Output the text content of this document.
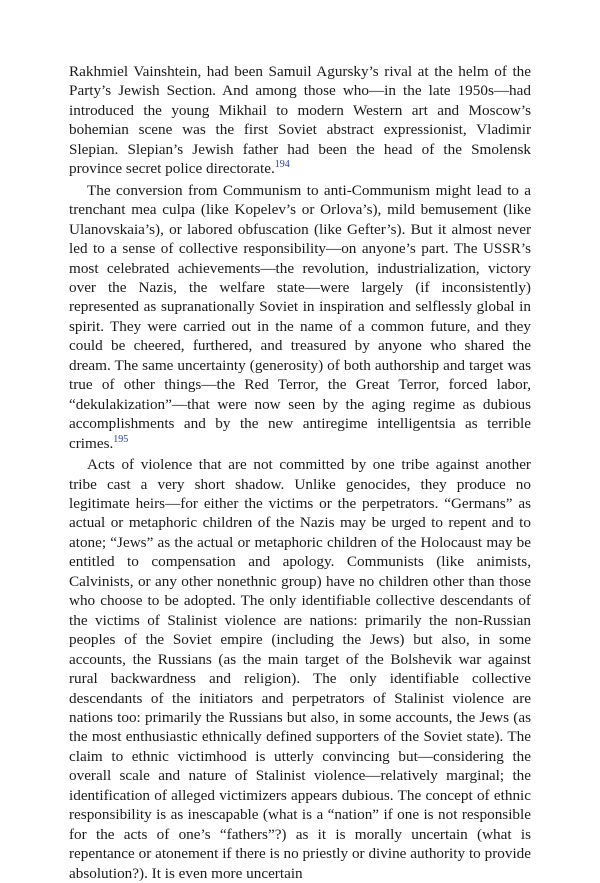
Rakhmiel Vainshtein, had been Samuil Agursky’s rival at the helm of the Party’s Jewish Section. And among those who—in the late 1950s—had introduced the young Mikhail to modern Western art and Moscow’s bohemian scene was the first Soviet abstract expressionist, Vladimir Slepian. Slepian’s Jewish father had been the head of the Smolensk province secret police directorate.$^{194}$

The conversion from Communism to anti-Communism might lead to a trenchant mea culpa (like Kopelev’s or Orlova’s), mild bemusement (like Ulanovskaia’s), or labored obfuscation (like Gefter’s). But it almost never led to a sense of collective responsibility—on anyone’s part. The USSR’s most celebrated achievements—the revolution, industrialization, victory over the Nazis, the welfare state—were largely (if inconsistently) represented as supranationally Soviet in inspiration and selflessly global in spirit. They were carried out in the name of a common future, and they could be cheered, furthered, and treasured by anyone who shared the dream. The same uncertainty (generosity) of both authorship and target was true of other things—the Red Terror, the Great Terror, forced labor, “dekulakization”—that were now seen by the aging regime as dubious accomplishments and by the new antiregime intelligentsia as terrible crimes.$^{195}$

Acts of violence that are not committed by one tribe against another tribe cast a very short shadow. Unlike genocides, they produce no legitimate heirs—for either the victims or the perpetrators. “Germans” as actual or metaphoric children of the Nazis may be urged to repent and to atone; “Jews” as the actual or metaphoric children of the Holocaust may be entitled to compensation and apology. Communists (like animists, Calvinists, or any other nonethnic group) have no children other than those who choose to be adopted. The only identifiable collective descendants of the victims of Stalinist violence are nations: primarily the non-Russian peoples of the Soviet empire (including the Jews) but also, in some accounts, the Russians (as the main target of the Bolshevik war against rural backwardness and religion). The only identifiable collective descendants of the initiators and perpetrators of Stalinist violence are nations too: primarily the Russians but also, in some accounts, the Jews (as the most enthusiastic ethnically defined supporters of the Soviet state). The claim to ethnic victimhood is utterly convincing but—considering the overall scale and nature of Stalinist violence—relatively marginal; the identification of alleged victimizers appears dubious. The concept of ethnic responsibility is as inescapable (what is a “nation” if one is not responsible for the acts of one’s “fathers”?) as it is morally uncertain (what is repentance or atonement if there is no priestly or divine authority to provide absolution?). It is even more uncertain
